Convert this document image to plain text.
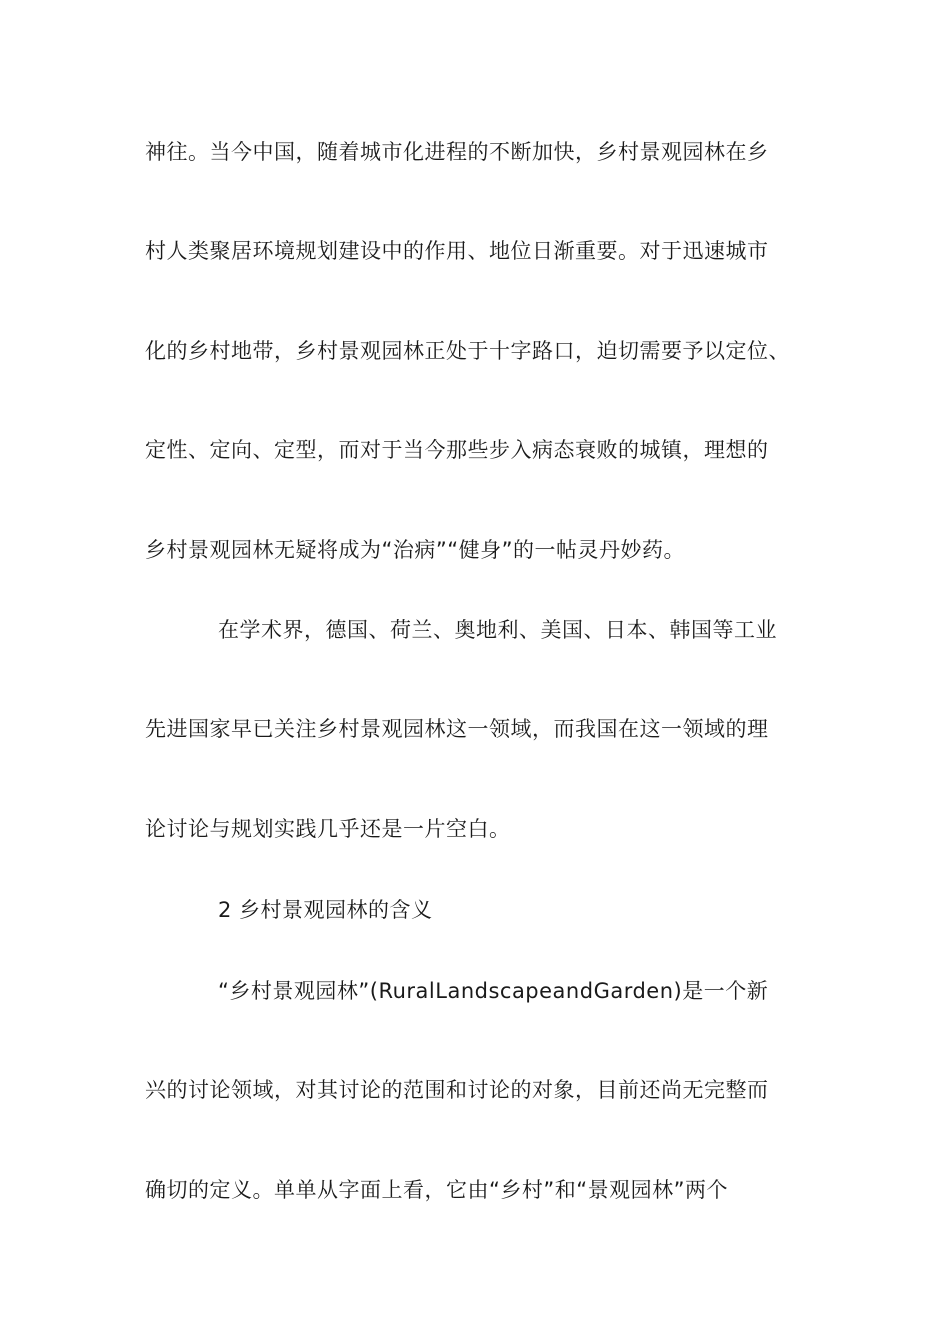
神往。当今中国，随着城市化进程的不断加快，乡村景观园林在乡
村人类聚居环境规划建设中的作用、地位日渐重要。对于迅速城市
化的乡村地带，乡村景观园林正处于十字路口，迫切需要予以定位、
定性、定向、定型，而对于当今那些步入病态衰败的城镇，理想的
乡村景观园林无疑将成为“治病”“健身”的一帖灵丹妙药。
在学术界，德国、荷兰、奥地利、美国、日本、韩国等工业
先进国家早已关注乡村景观园林这一领域，而我国在这一领域的理
论讨论与规划实践几乎还是一片空白。
2 乡村景观园林的含义
“乡村景观园林”(RuralLandscapeandGarden)是一个新
兴的讨论领域，对其讨论的范围和讨论的对象，目前还尚无完整而
确切的定义。单单从字面上看，它由“乡村”和“景观园林”两个
